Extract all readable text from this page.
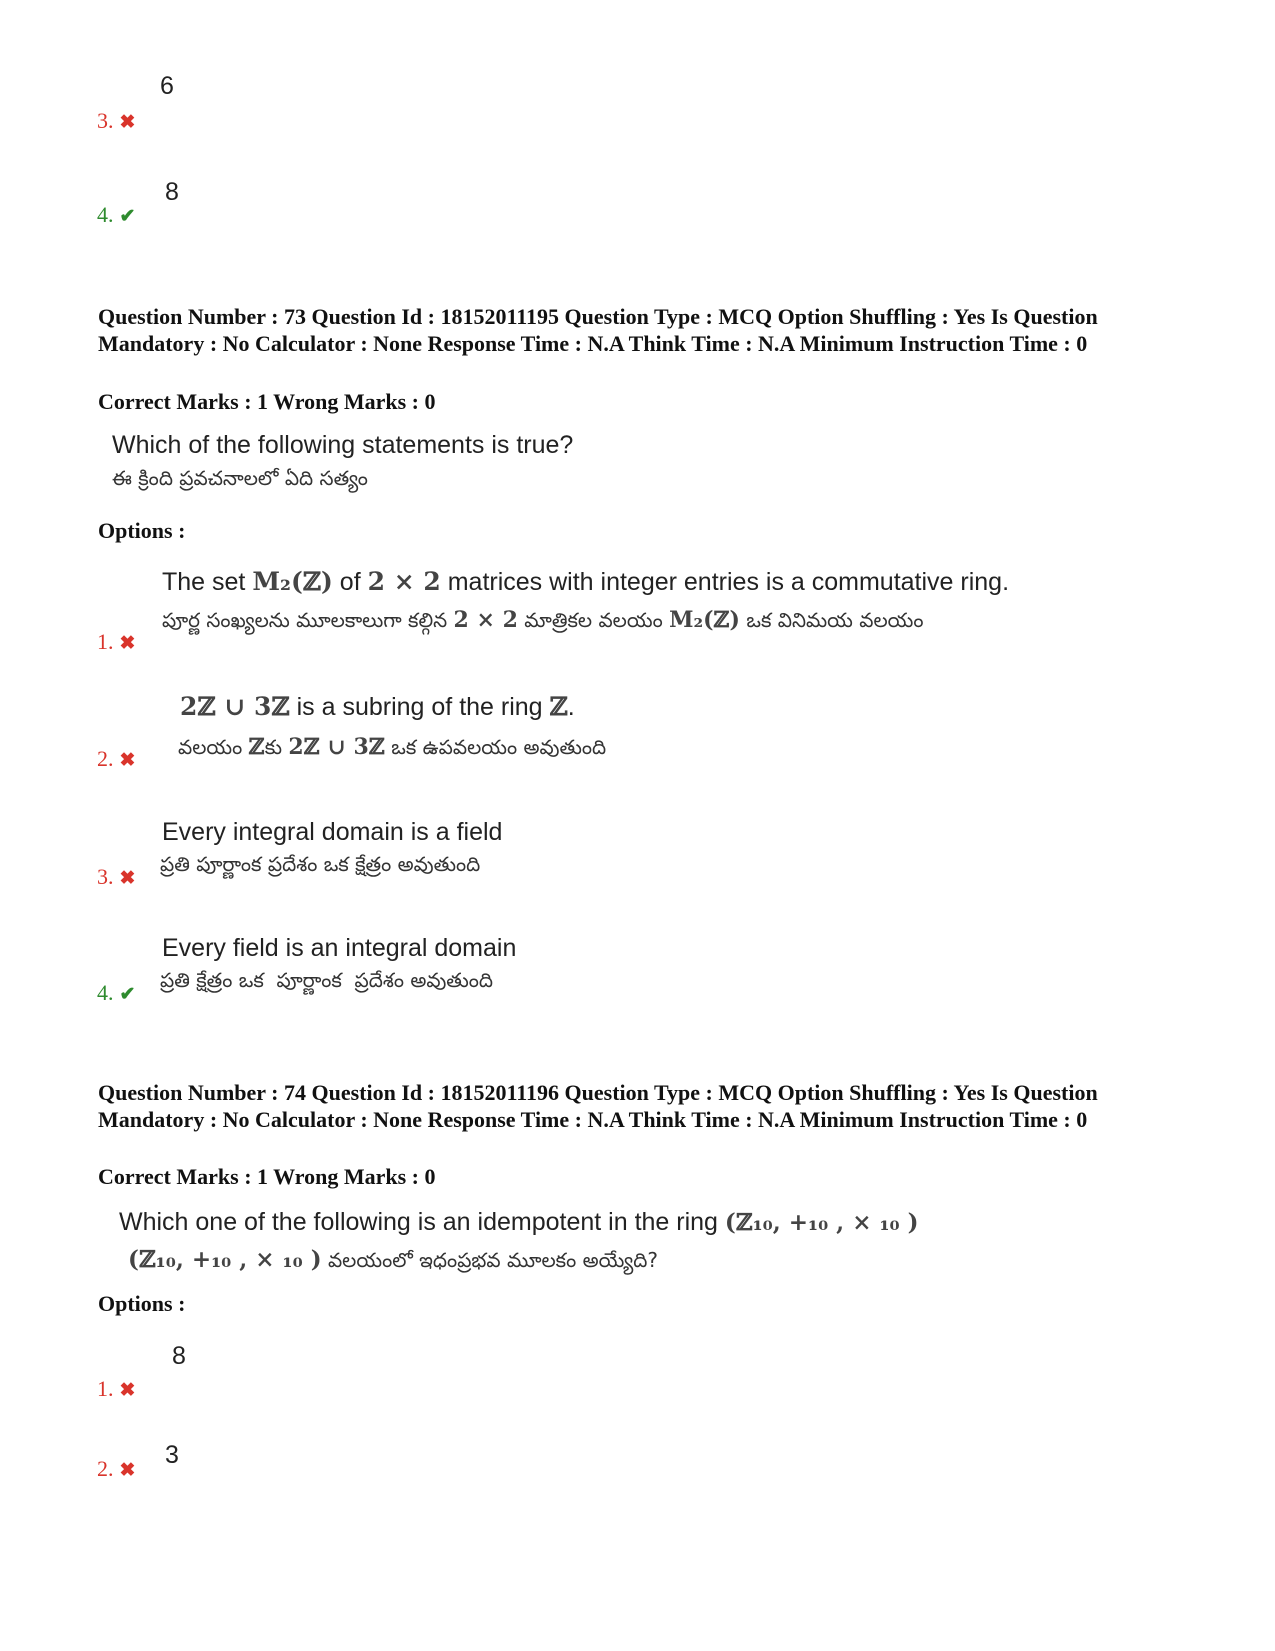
6
3. ✖
8
4. ✔
Question Number : 73 Question Id : 18152011195 Question Type : MCQ Option Shuffling : Yes Is Question Mandatory : No Calculator : None Response Time : N.A Think Time : N.A Minimum Instruction Time : 0
Correct Marks : 1 Wrong Marks : 0
Which of the following statements is true?
ఈ క్రింది ప్రవచనాలలో ఏది సత్యం
Options :
The set M₂(ℤ) of 2 × 2 matrices with integer entries is a commutative ring.
పూర్ణ సంఖ్యలను మూలకాలుగా కల్గిన 2 × 2 మాత్రికల వలయం M₂(ℤ) ఒక వినిమయ వలయం
1. ✖
2ℤ ∪ 3ℤ is a subring of the ring ℤ.
వలయం ℤకు 2ℤ ∪ 3ℤ ఒక ఉపవలయం అవుతుంది
2. ✖
Every integral domain is a field
ప్రతి పూర్ణాంక ప్రదేశం ఒక క్షేత్రం అవుతుంది
3. ✖
Every field is an integral domain
ప్రతి క్షేత్రం ఒక  పూర్ణాంక  ప్రదేశం అవుతుంది
4. ✔
Question Number : 74 Question Id : 18152011196 Question Type : MCQ Option Shuffling : Yes Is Question Mandatory : No Calculator : None Response Time : N.A Think Time : N.A Minimum Instruction Time : 0
Correct Marks : 1 Wrong Marks : 0
Which one of the following is an idempotent in the ring (ℤ₁₀, +₁₀ , × ₁₀ )
(ℤ₁₀, +₁₀ , × ₁₀ ) వలయంలో ఇధంప్రభవ మూలకం అయ్యేది?
Options :
8
1. ✖
3
2. ✖
